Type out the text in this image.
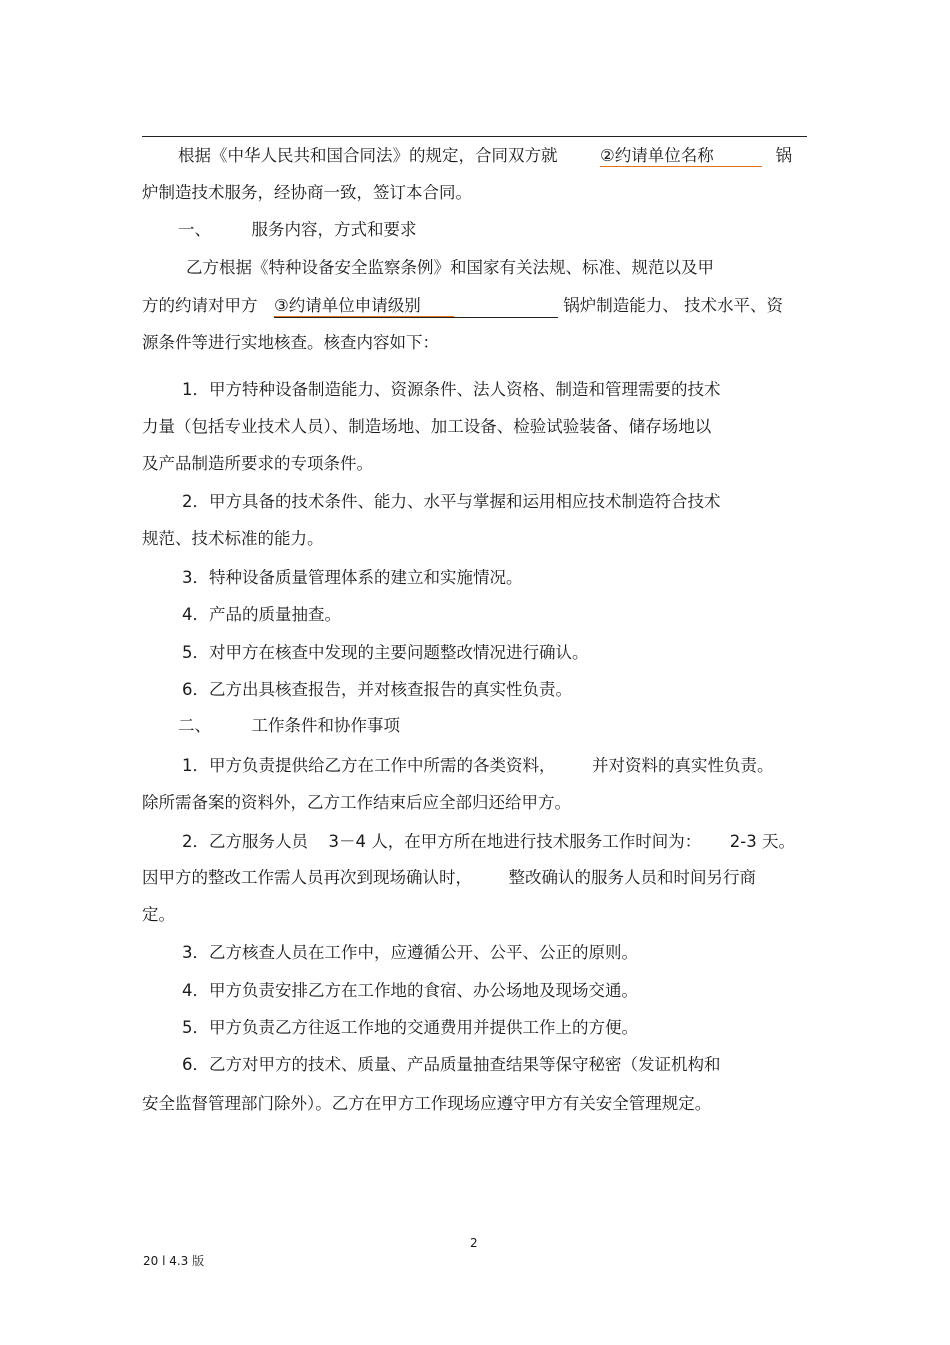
根据《中华人民共和国合同法》的规定，合同双方就	②约请单位名称	锅
炉制造技术服务，经协商一致，签订本合同。
一、 服务内容，方式和要求
乙方根据《特种设备安全监察条例》和国家有关法规、标准、规范以及甲
方的约请对甲方 ③约请单位申请级别	锅炉制造能力、 技术水平、资
源条件等进行实地核查。核查内容如下：
1．甲方特种设备制造能力、资源条件、法人资格、制造和管理需要的技术
力量（包括专业技术人员）、制造场地、加工设备、检验试验装备、储存场地以
及产品制造所要求的专项条件。
2．甲方具备的技术条件、能力、水平与掌握和运用相应技术制造符合技术
规范、技术标准的能力。
3．特种设备质量管理体系的建立和实施情况。
4．产品的质量抽查。
5．对甲方在核查中发现的主要问题整改情况进行确认。
6．乙方出具核查报告，并对核查报告的真实性负责。
二、 工作条件和协作事项
1．甲方负责提供给乙方在工作中所需的各类资料， 并对资料的真实性负责。
除所需备案的资料外，乙方工作结束后应全部归还给甲方。
2．乙方服务人员 3－4 人，在甲方所在地进行技术服务工作时间为： 2-3 天。
因甲方的整改工作需人员再次到现场确认时， 整改确认的服务人员和时间另行商
定。
3．乙方核查人员在工作中，应遵循公开、公平、公正的原则。
4．甲方负责安排乙方在工作地的食宿、办公场地及现场交通。
5．甲方负责乙方往返工作地的交通费用并提供工作上的方便。
6．乙方对甲方的技术、质量、产品质量抽查结果等保守秘密（发证机构和
安全监督管理部门除外）。乙方在甲方工作现场应遵守甲方有关安全管理规定。
2
20 l 4.3 版
